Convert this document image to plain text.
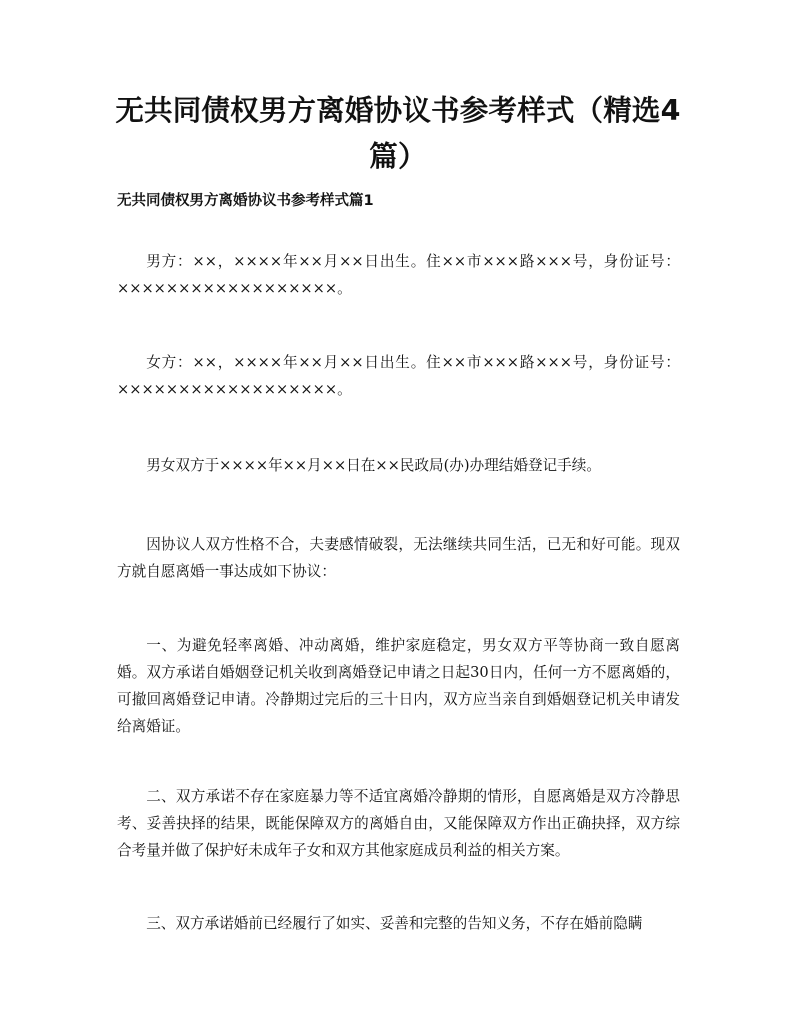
无共同债权男方离婚协议书参考样式（精选4篇）
无共同债权男方离婚协议书参考样式篇1

男方：××，××××年××月××日出生。住××市×××路×××号，身份证号：××××××××××××××××××。

女方：××，××××年××月××日出生。住××市×××路×××号，身份证号：××××××××××××××××××。

男女双方于××××年××月××日在××民政局(办)办理结婚登记手续。

因协议人双方性格不合，夫妻感情破裂，无法继续共同生活，已无和好可能。现双方就自愿离婚一事达成如下协议：

一、为避免轻率离婚、冲动离婚，维护家庭稳定，男女双方平等协商一致自愿离婚。双方承诺自婚姻登记机关收到离婚登记申请之日起30日内，任何一方不愿离婚的，可撤回离婚登记申请。冷静期过完后的三十日内，双方应当亲自到婚姻登记机关申请发给离婚证。

二、双方承诺不存在家庭暴力等不适宜离婚冷静期的情形，自愿离婚是双方冷静思考、妥善抉择的结果，既能保障双方的离婚自由，又能保障双方作出正确抉择，双方综合考量并做了保护好未成年子女和双方其他家庭成员利益的相关方案。

三、双方承诺婚前已经履行了如实、妥善和完整的告知义务，不存在婚前隐瞒
